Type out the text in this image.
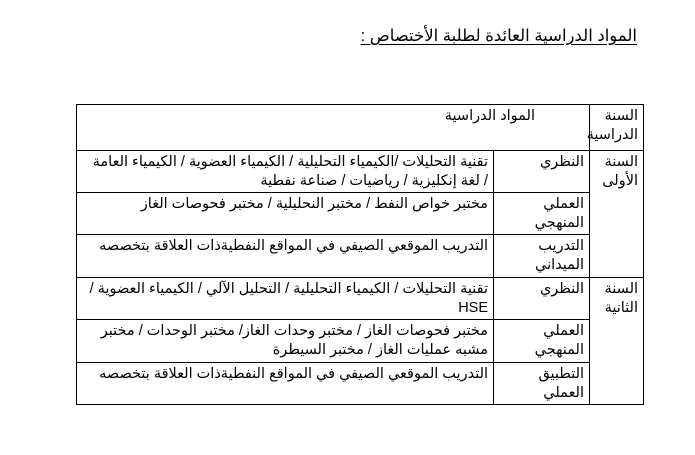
المواد الدراسية العائدة لطلبة الأختصاص :
السنة الدراسية	المواد الدراسية	
السنة الأولى	النظري	تقنية التحليلات /الكيمياء التحليلية / الكيمياء العضوية / الكيمياء العامة / لغة إنكليزية / رياضيات / صناعة نفطية
	العملي المنهجي	مختبر خواص النفط / مختبر النحليلية / مختبر فحوصات الغاز
	التدريب الميداني	التدريب الموقعي الصيفي في المواقع النفطيةذات العلاقة بتخصصه
السنة الثانية	النظري	تقنية التحليلات / الكيمياء التحليلية / التحليل الآلي / الكيمياء العضوية / HSE
	العملي المنهجي	مختبر فحوصات الغاز / مختبر وحدات الغاز/ مختبر الوحدات / مختبر مشبه عمليات الغاز / مختبر السيطرة
	التطبيق العملي	التدريب الموقعي الصيفي في المواقع النفطيةذات العلاقة بتخصصه
